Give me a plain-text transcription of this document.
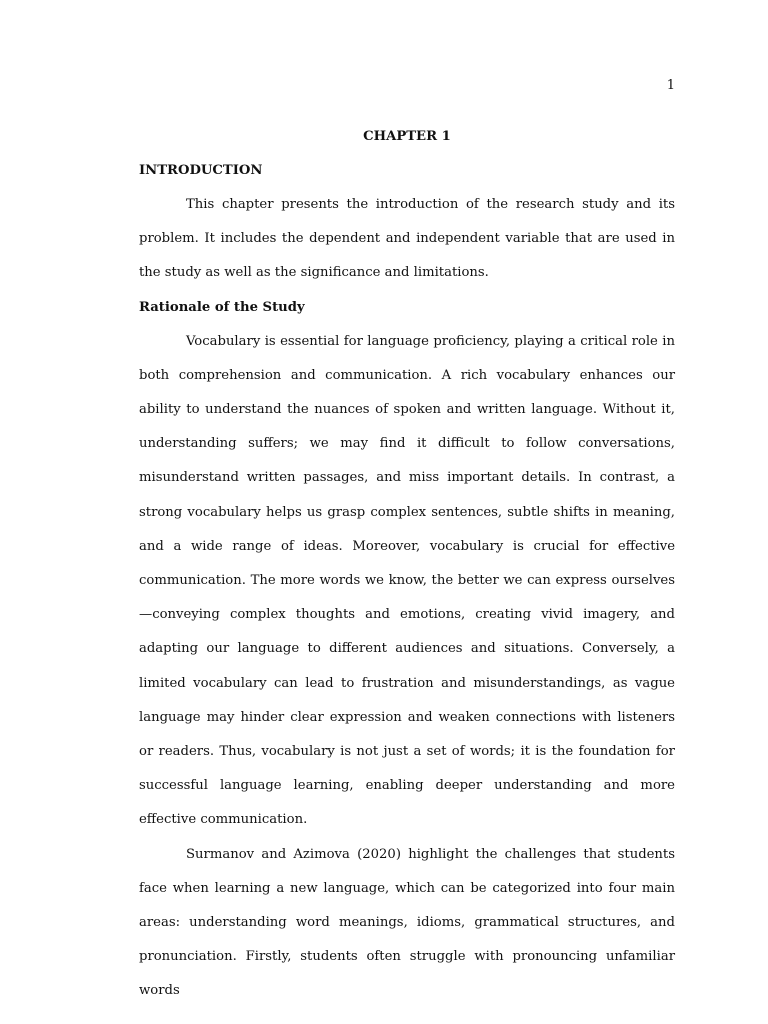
1
CHAPTER 1
INTRODUCTION

This chapter presents the introduction of the research study and its problem. It includes the dependent and independent variable that are used in the study as well as the significance and limitations.

Rationale of the Study

Vocabulary is essential for language proficiency, playing a critical role in both comprehension and communication. A rich vocabulary enhances our ability to understand the nuances of spoken and written language. Without it, understanding suffers; we may find it difficult to follow conversations, misunderstand written passages, and miss important details. In contrast, a strong vocabulary helps us grasp complex sentences, subtle shifts in meaning, and a wide range of ideas. Moreover, vocabulary is crucial for effective communication. The more words we know, the better we can express ourselves—conveying complex thoughts and emotions, creating vivid imagery, and adapting our language to different audiences and situations. Conversely, a limited vocabulary can lead to frustration and misunderstandings, as vague language may hinder clear expression and weaken connections with listeners or readers. Thus, vocabulary is not just a set of words; it is the foundation for successful language learning, enabling deeper understanding and more effective communication.

Surmanov and Azimova (2020) highlight the challenges that students face when learning a new language, which can be categorized into four main areas: understanding word meanings, idioms, grammatical structures, and pronunciation. Firstly, students often struggle with pronouncing unfamiliar words
